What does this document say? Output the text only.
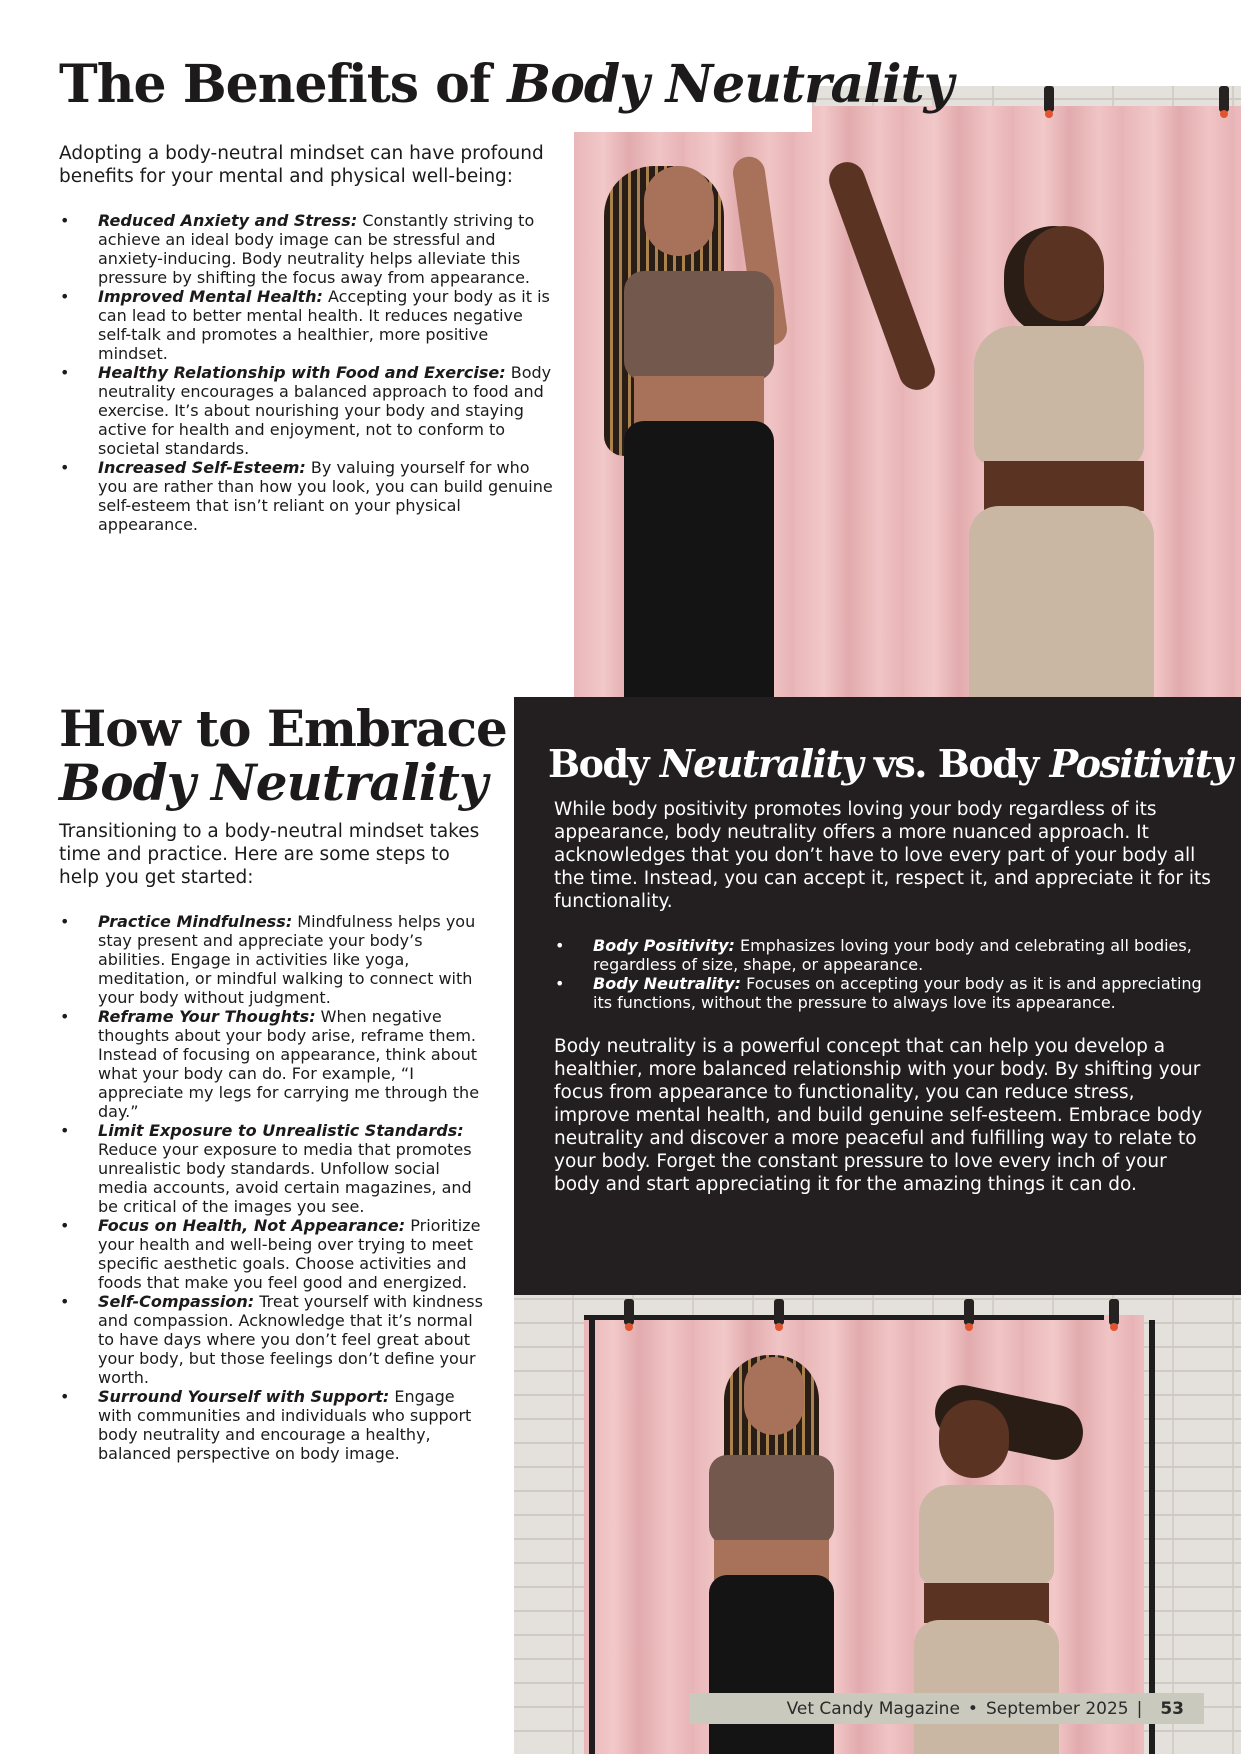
The Benefits of Body Neutrality

Adopting a body-neutral mindset can have profound benefits for your mental and physical well-being:

• Reduced Anxiety and Stress: Constantly striving to achieve an ideal body image can be stressful and anxiety-inducing. Body neutrality helps alleviate this pressure by shifting the focus away from appearance.
• Improved Mental Health: Accepting your body as it is can lead to better mental health. It reduces negative self-talk and promotes a healthier, more positive mindset.
• Healthy Relationship with Food and Exercise: Body neutrality encourages a balanced approach to food and exercise. It’s about nourishing your body and staying active for health and enjoyment, not to conform to societal standards.
• Increased Self-Esteem: By valuing yourself for who you are rather than how you look, you can build genuine self-esteem that isn’t reliant on your physical appearance.
How to Embrace
Body Neutrality

Transitioning to a body-neutral mindset takes time and practice. Here are some steps to help you get started:

• Practice Mindfulness: Mindfulness helps you stay present and appreciate your body’s abilities. Engage in activities like yoga, meditation, or mindful walking to connect with your body without judgment.
• Reframe Your Thoughts: When negative thoughts about your body arise, reframe them. Instead of focusing on appearance, think about what your body can do. For example, “I appreciate my legs for carrying me through the day.”
• Limit Exposure to Unrealistic Standards: Reduce your exposure to media that promotes unrealistic body standards. Unfollow social media accounts, avoid certain magazines, and be critical of the images you see.
• Focus on Health, Not Appearance: Prioritize your health and well-being over trying to meet specific aesthetic goals. Choose activities and foods that make you feel good and energized.
• Self-Compassion: Treat yourself with kindness and compassion. Acknowledge that it’s normal to have days where you don’t feel great about your body, but those feelings don’t define your worth.
• Surround Yourself with Support: Engage with communities and individuals who support body neutrality and encourage a healthy, balanced perspective on body image.
Body Neutrality vs. Body Positivity

While body positivity promotes loving your body regardless of its appearance, body neutrality offers a more nuanced approach. It acknowledges that you don’t have to love every part of your body all the time. Instead, you can accept it, respect it, and appreciate it for its functionality.

• Body Positivity: Emphasizes loving your body and celebrating all bodies, regardless of size, shape, or appearance.
• Body Neutrality: Focuses on accepting your body as it is and appreciating its functions, without the pressure to always love its appearance.

Body neutrality is a powerful concept that can help you develop a healthier, more balanced relationship with your body. By shifting your focus from appearance to functionality, you can reduce stress, improve mental health, and build genuine self-esteem. Embrace body neutrality and discover a more peaceful and fulfilling way to relate to your body. Forget the constant pressure to love every inch of your body and start appreciating it for the amazing things it can do.

Vet Candy Magazine • September 2025 | 53
